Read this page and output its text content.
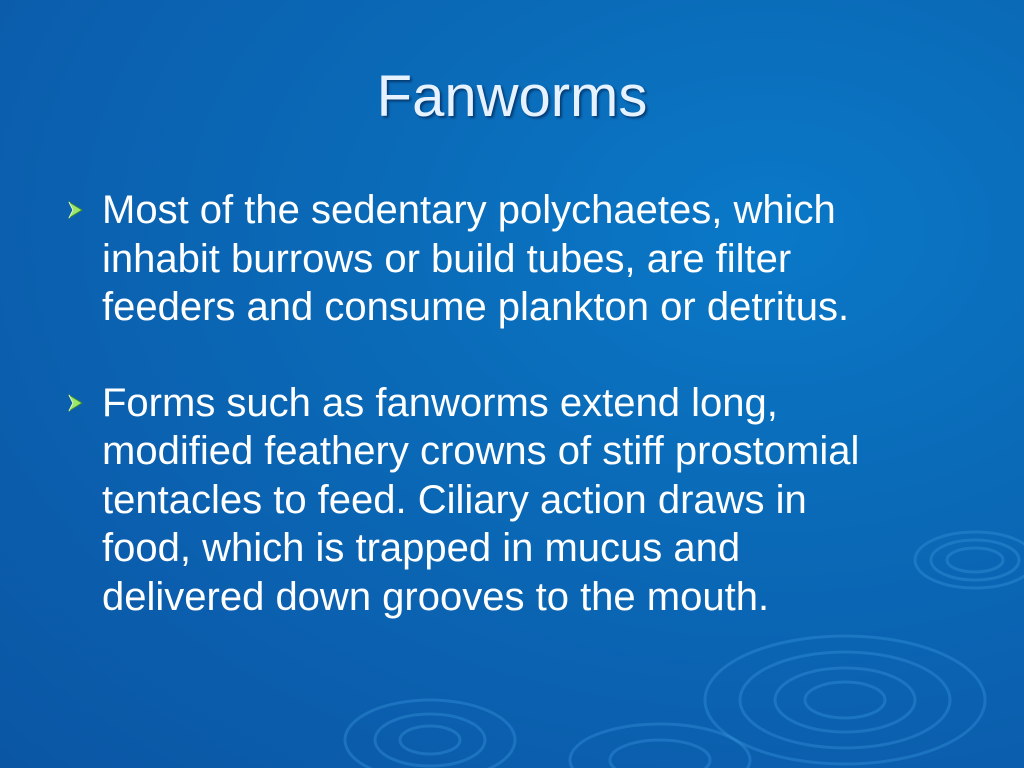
Fanworms
Most of the sedentary polychaetes, which
inhabit burrows or build tubes, are filter
feeders and consume plankton or detritus.
Forms such as fanworms extend long,
modified feathery crowns of stiff prostomial
tentacles to feed. Ciliary action draws in
food, which is trapped in mucus and
delivered down grooves to the mouth.
